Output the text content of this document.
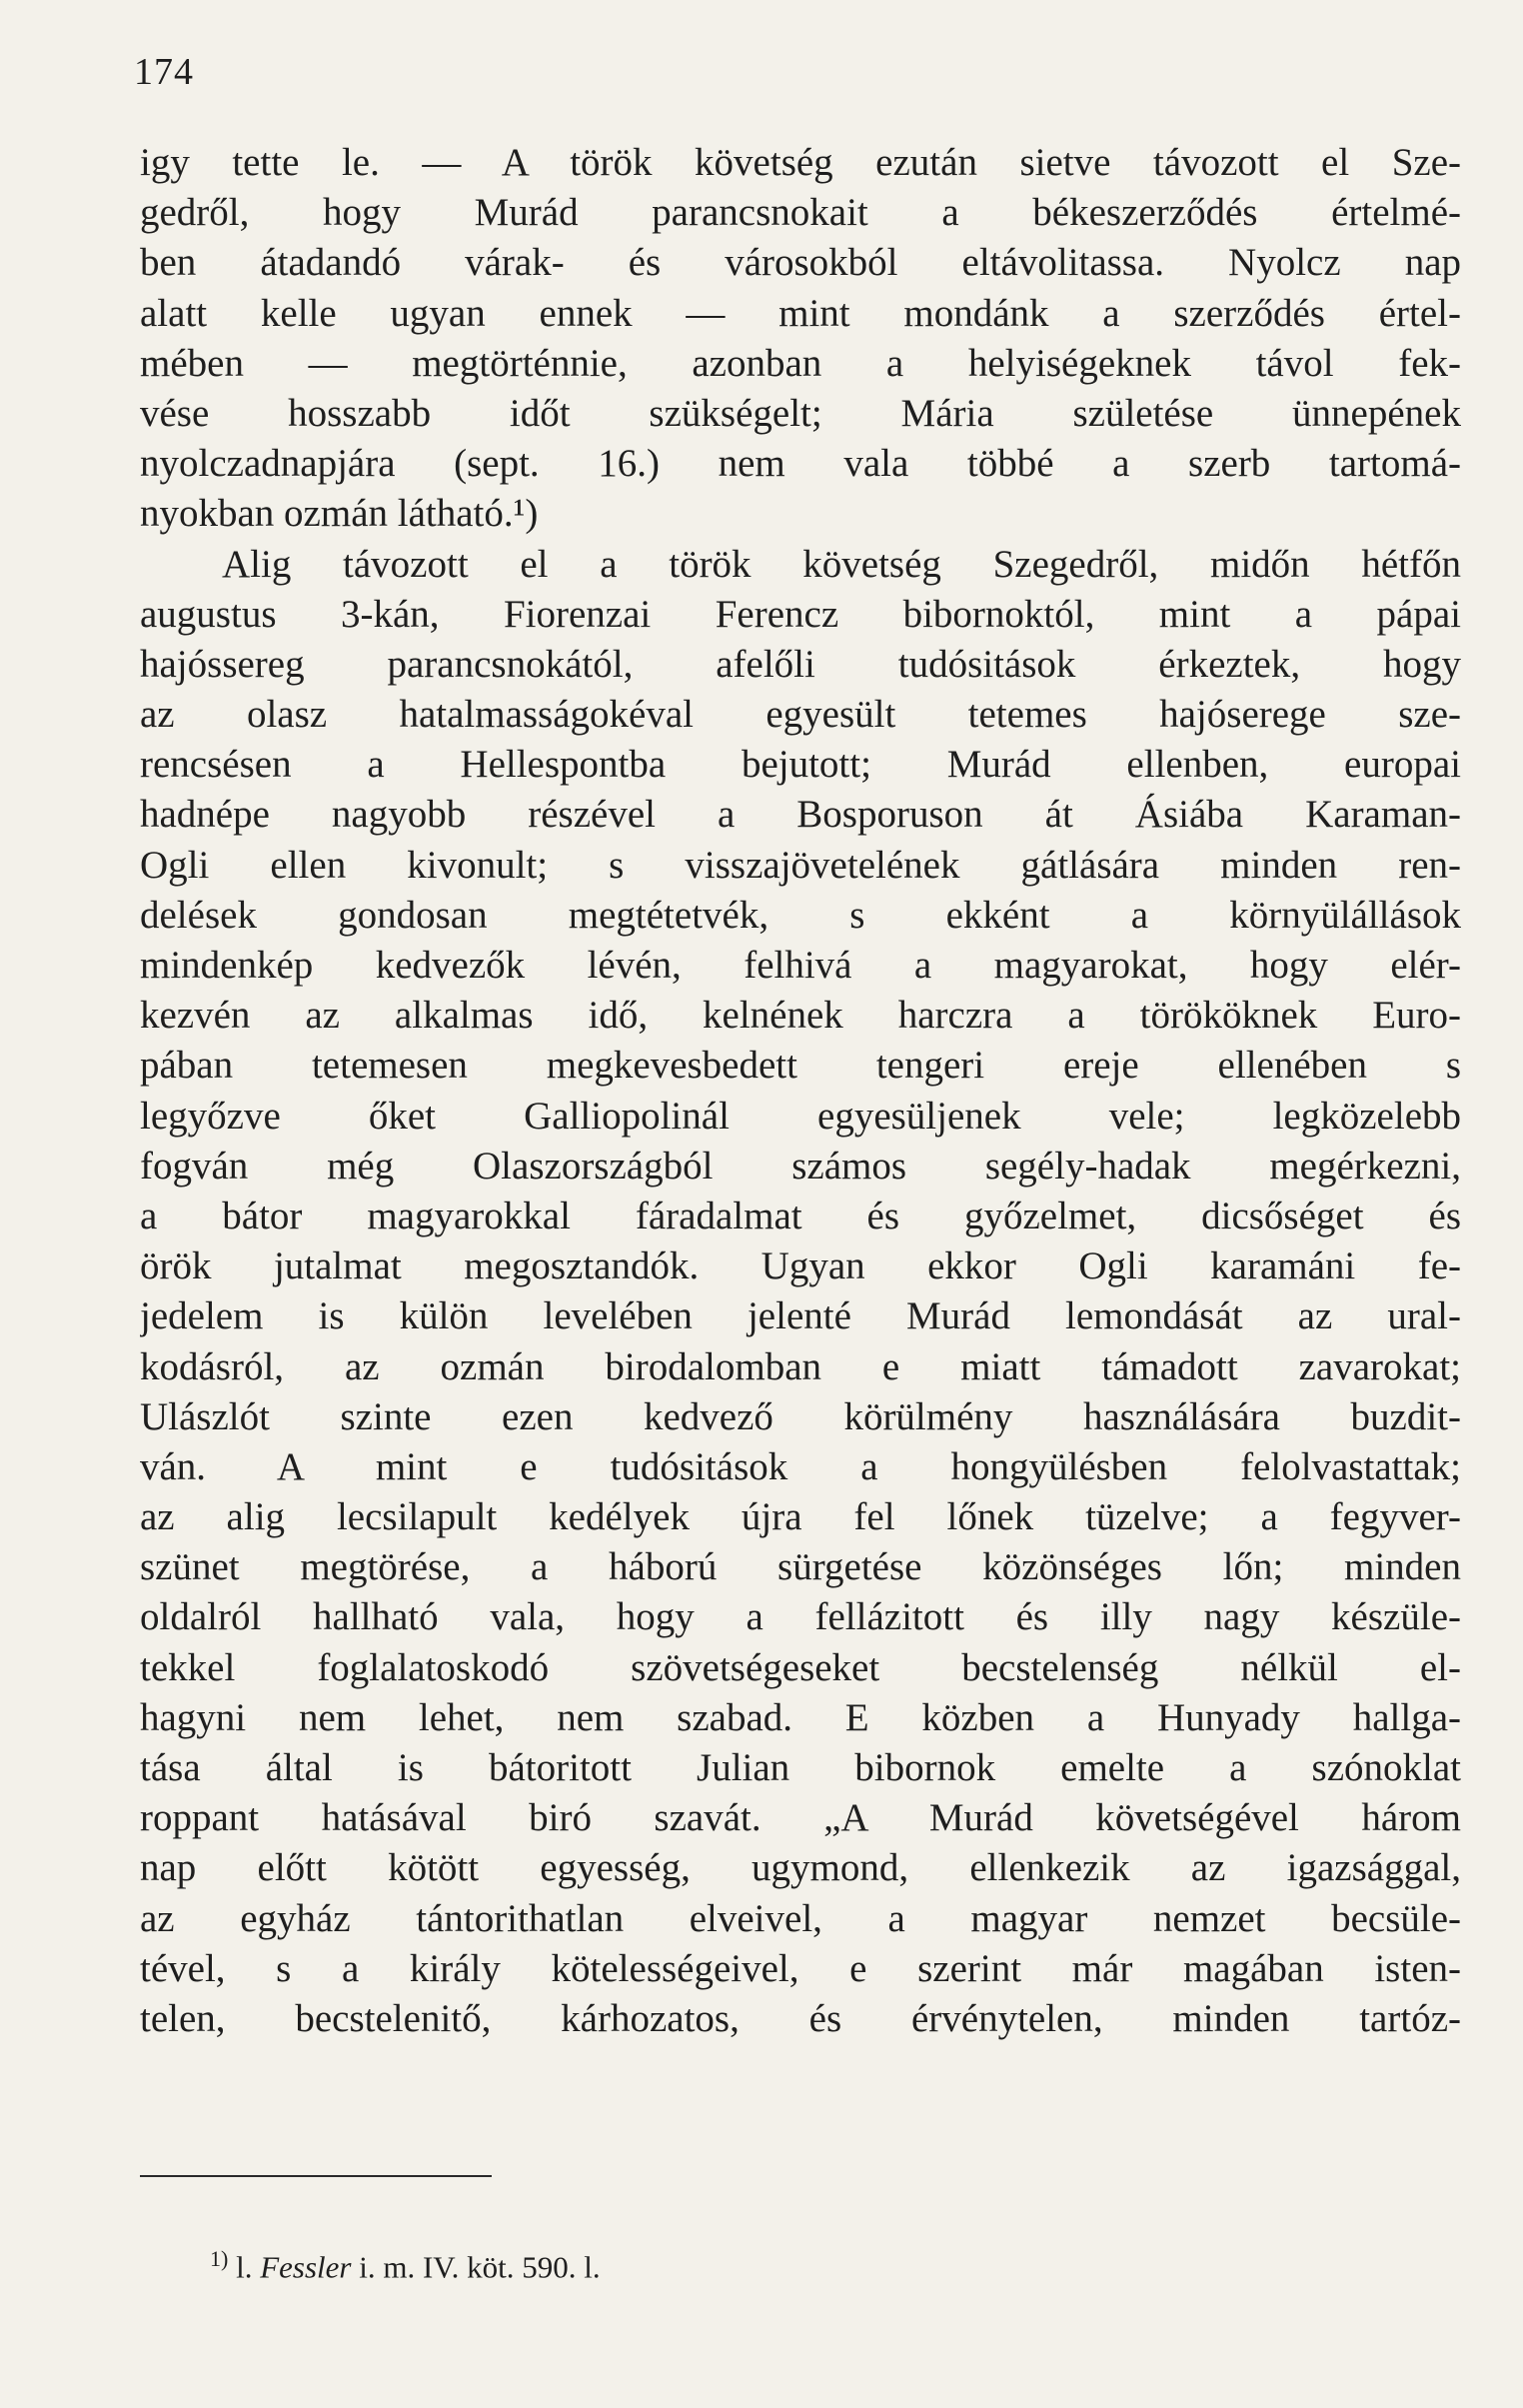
174
igy tette le. — A török követség ezután sietve távozott el Sze-
gedről, hogy Murád parancsnokait a békeszerződés értelmé-
ben átadandó várak- és városokból eltávolitassa. Nyolcz nap
alatt kelle ugyan ennek — mint mondánk a szerződés értel-
mében — megtörténnie, azonban a helyiségeknek távol fek-
vése hosszabb időt szükségelt; Mária születése ünnepének
nyolczadnapjára (sept. 16.) nem vala többé a szerb tartomá-
nyokban ozmán látható.¹)
Alig távozott el a török követség Szegedről, midőn hétfőn
augustus 3-kán, Fiorenzai Ferencz bibornoktól, mint a pápai
hajóssereg parancsnokától, afelőli tudósitások érkeztek, hogy
az olasz hatalmasságokéval egyesült tetemes hajóserege sze-
rencsésen a Hellespontba bejutott; Murád ellenben, europai
hadnépe nagyobb részével a Bosporuson át Ásiába Karaman-
Ogli ellen kivonult; s visszajövetelének gátlására minden ren-
delések gondosan megtétetvék, s ekként a környülállások
mindenkép kedvezők lévén, felhivá a magyarokat, hogy elér-
kezvén az alkalmas idő, kelnének harczra a törököknek Euro-
pában tetemesen megkevesbedett tengeri ereje ellenében s
legyőzve őket Galliopolinál egyesüljenek vele; legközelebb
fogván még Olaszországból számos segély-hadak megérkezni,
a bátor magyarokkal fáradalmat és győzelmet, dicsőséget és
örök jutalmat megosztandók. Ugyan ekkor Ogli karamáni fe-
jedelem is külön levelében jelenté Murád lemondását az ural-
kodásról, az ozmán birodalomban e miatt támadott zavarokat;
Ulászlót szinte ezen kedvező körülmény használására buzdit-
ván. A mint e tudósitások a hongyülésben felolvastattak;
az alig lecsilapult kedélyek újra fel lőnek tüzelve; a fegyver-
szünet megtörése, a háború sürgetése közönséges lőn; minden
oldalról hallható vala, hogy a fellázitott és illy nagy készüle-
tekkel foglalatoskodó szövetségeseket becstelenség nélkül el-
hagyni nem lehet, nem szabad. E közben a Hunyady hallga-
tása által is bátoritott Julian bibornok emelte a szónoklat
roppant hatásával biró szavát. „A Murád követségével három
nap előtt kötött egyesség, ugymond, ellenkezik az igazsággal,
az egyház tántorithatlan elveivel, a magyar nemzet becsüle-
tével, s a király kötelességeivel, e szerint már magában isten-
telen, becstelenitő, kárhozatos, és érvénytelen, minden tartóz-
$^{1)}$ l. Fessler i. m. IV. köt. 590. l.
